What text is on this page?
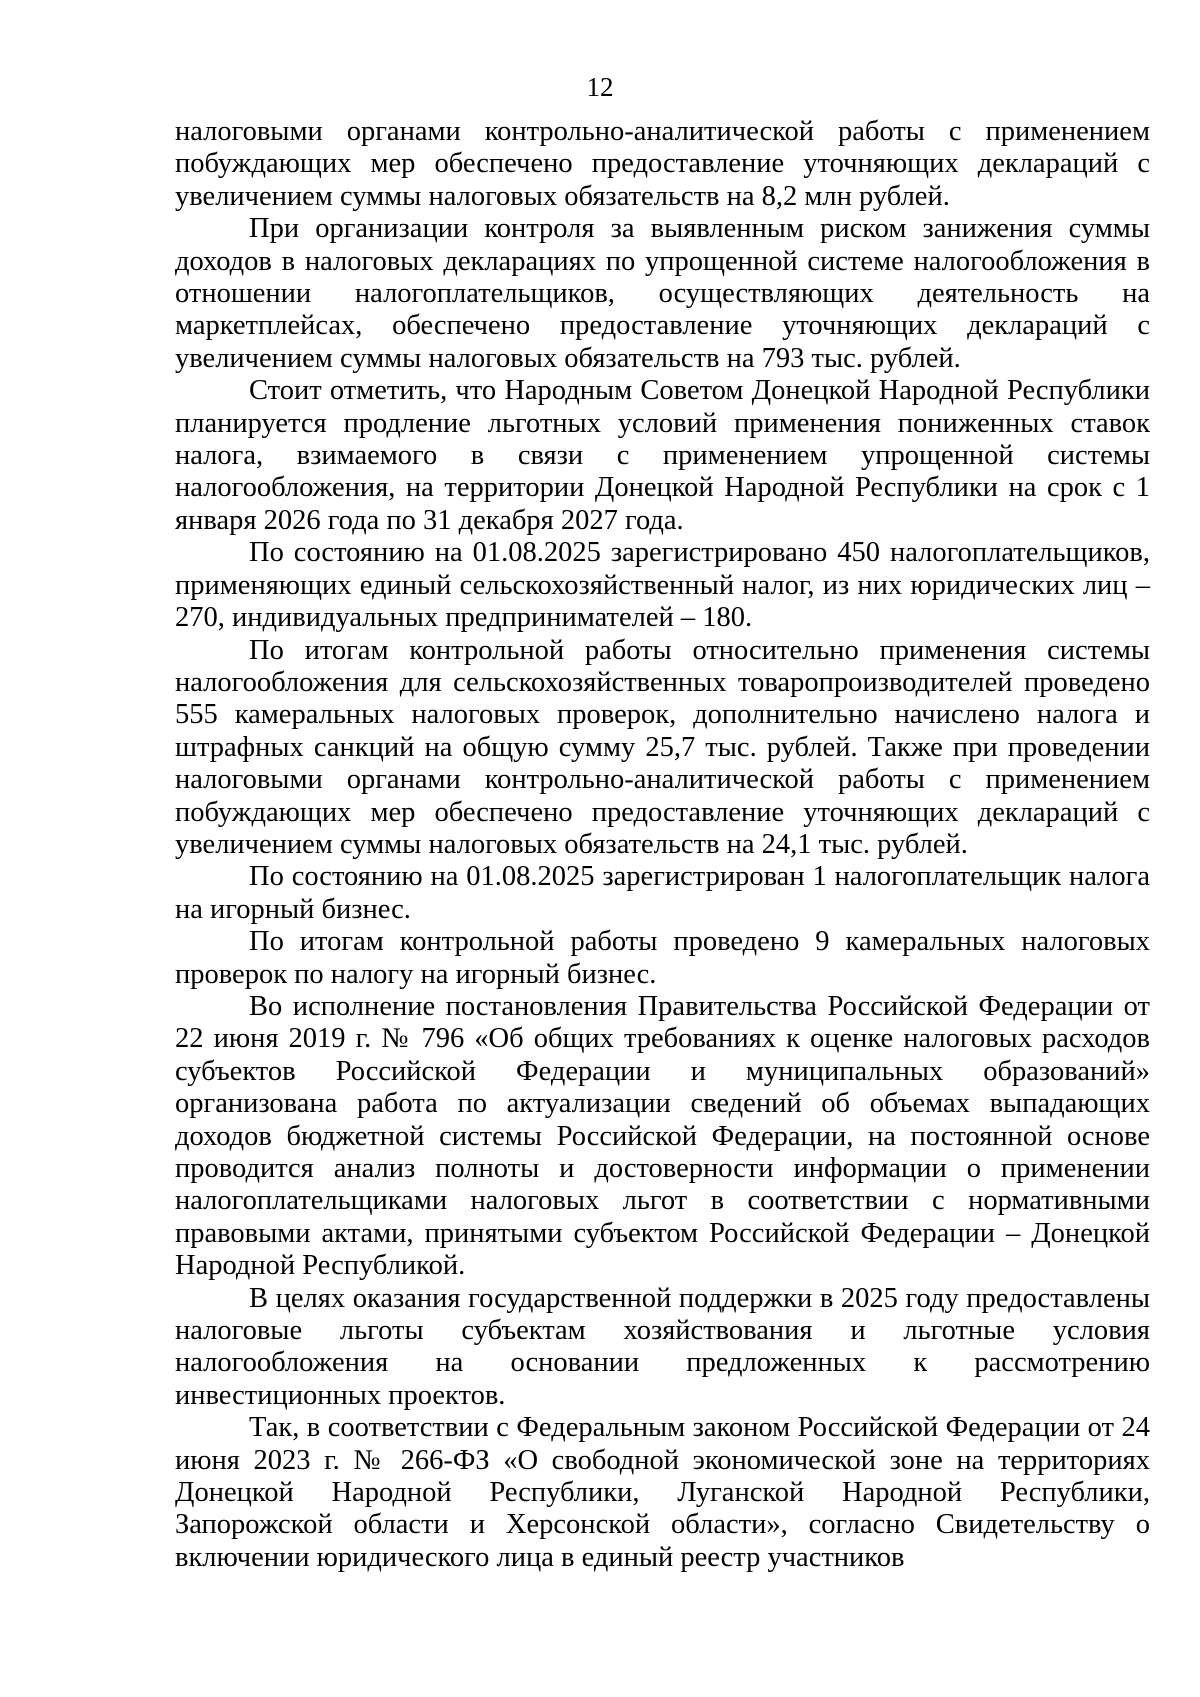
12

налоговыми органами контрольно-аналитической работы с применением побуждающих мер обеспечено предоставление уточняющих деклараций с увеличением суммы налоговых обязательств на 8,2 млн рублей.

При организации контроля за выявленным риском занижения суммы доходов в налоговых декларациях по упрощенной системе налогообложения в отношении налогоплательщиков, осуществляющих деятельность на маркетплейсах, обеспечено предоставление уточняющих деклараций с увеличением суммы налоговых обязательств на 793 тыс. рублей.

Стоит отметить, что Народным Советом Донецкой Народной Республики планируется продление льготных условий применения пониженных ставок налога, взимаемого в связи с применением упрощенной системы налогообложения, на территории Донецкой Народной Республики на срок с 1 января 2026 года по 31 декабря 2027 года.

По состоянию на 01.08.2025 зарегистрировано 450 налогоплательщиков, применяющих единый сельскохозяйственный налог, из них юридических лиц – 270, индивидуальных предпринимателей – 180.

По итогам контрольной работы относительно применения системы налогообложения для сельскохозяйственных товаропроизводителей проведено 555 камеральных налоговых проверок, дополнительно начислено налога и штрафных санкций на общую сумму 25,7 тыс. рублей. Также при проведении налоговыми органами контрольно-аналитической работы с применением побуждающих мер обеспечено предоставление уточняющих деклараций с увеличением суммы налоговых обязательств на 24,1 тыс. рублей.

По состоянию на 01.08.2025 зарегистрирован 1 налогоплательщик налога на игорный бизнес.

По итогам контрольной работы проведено 9 камеральных налоговых проверок по налогу на игорный бизнес.

Во исполнение постановления Правительства Российской Федерации от 22 июня 2019 г. № 796 «Об общих требованиях к оценке налоговых расходов субъектов Российской Федерации и муниципальных образований» организована работа по актуализации сведений об объемах выпадающих доходов бюджетной системы Российской Федерации, на постоянной основе проводится анализ полноты и достоверности информации о применении налогоплательщиками налоговых льгот в соответствии с нормативными правовыми актами, принятыми субъектом Российской Федерации – Донецкой Народной Республикой.

В целях оказания государственной поддержки в 2025 году предоставлены налоговые льготы субъектам хозяйствования и льготные условия налогообложения на основании предложенных к рассмотрению инвестиционных проектов.

Так, в соответствии с Федеральным законом Российской Федерации от 24 июня 2023 г. № 266-ФЗ «О свободной экономической зоне на территориях Донецкой Народной Республики, Луганской Народной Республики, Запорожской области и Херсонской области», согласно Свидетельству о включении юридического лица в единый реестр участников
